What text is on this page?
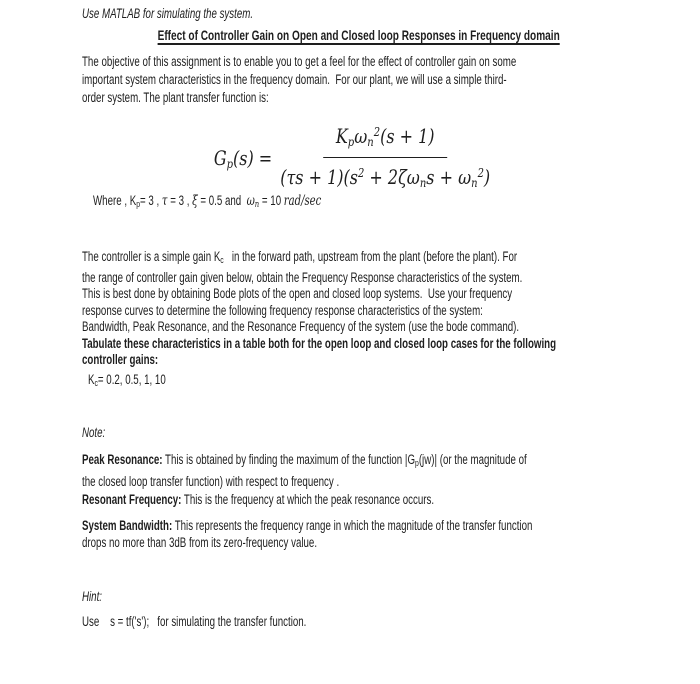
Use MATLAB for simulating the system.
Effect of Controller Gain on Open and Closed loop Responses in Frequency domain
The objective of this assignment is to enable you to get a feel for the effect of controller gain on some
important system characteristics in the frequency domain.  For our plant, we will use a simple third-
order system. The plant transfer function is:
$Gp(s) = \frac{Kp\omega n^2(s + 1)}{(\tau s + 1)(s^2 + 2\zeta\omega ns + \omega n^2)}$
Where , Kp= 3 , τ = 3 , ξ = 0.5 and  ωn = 10 rad/sec
The controller is a simple gain Kc   in the forward path, upstream from the plant (before the plant). For
the range of controller gain given below, obtain the Frequency Response characteristics of the system.
This is best done by obtaining Bode plots of the open and closed loop systems.  Use your frequency
response curves to determine the following frequency response characteristics of the system:
Bandwidth, Peak Resonance, and the Resonance Frequency of the system (use the bode command).
Tabulate these characteristics in a table both for the open loop and closed loop cases for the following
controller gains:
Kc= 0.2, 0.5, 1, 10
Note:
Peak Resonance: This is obtained by finding the maximum of the function |Gp(jw)| (or the magnitude of
the closed loop transfer function) with respect to frequency .
Resonant Frequency: This is the frequency at which the peak resonance occurs.
System Bandwidth: This represents the frequency range in which the magnitude of the transfer function
drops no more than 3dB from its zero-frequency value.
Hint:
Use    s = tf('s');   for simulating the transfer function.
